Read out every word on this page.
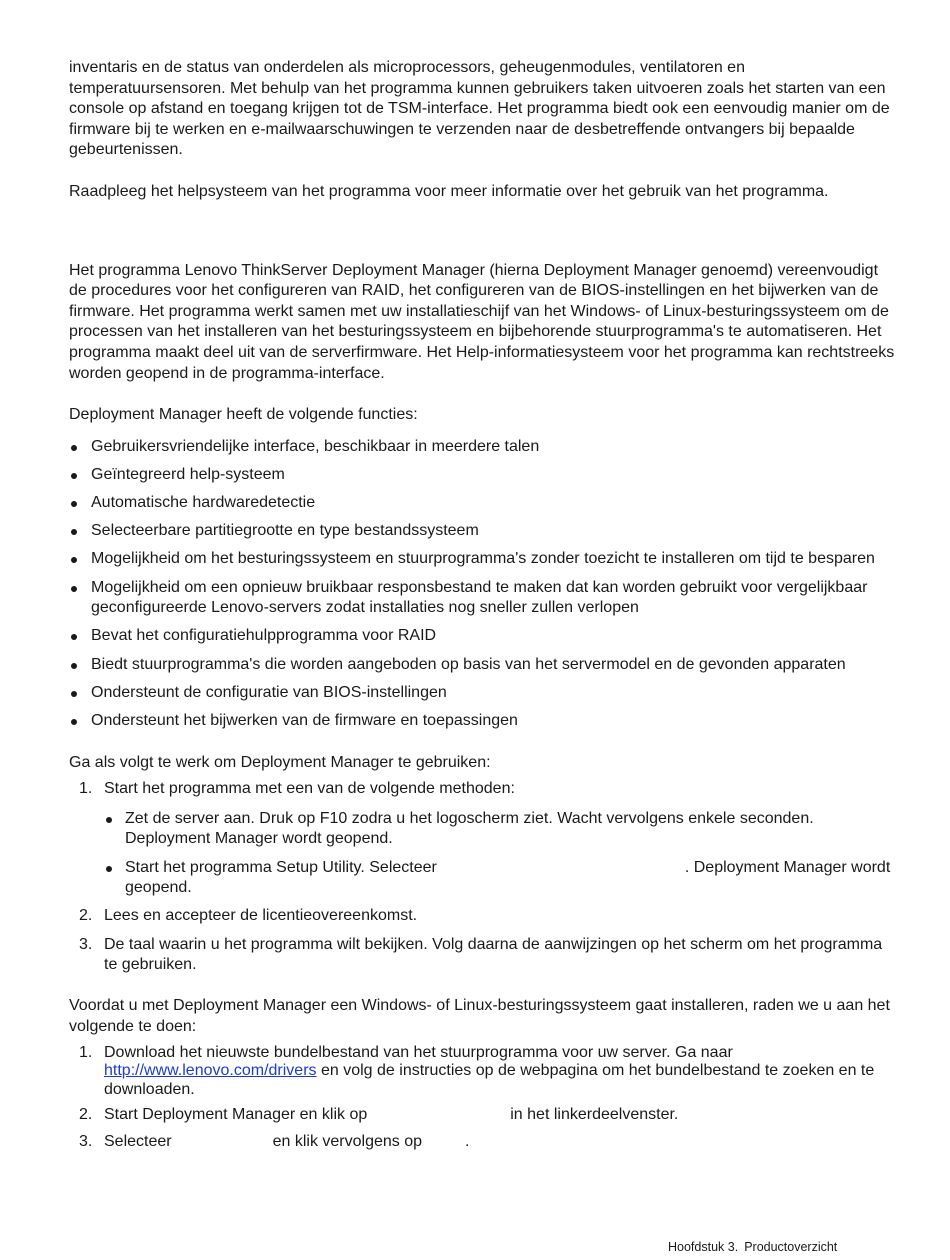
inventaris en de status van onderdelen als microprocessors, geheugenmodules, ventilatoren en temperatuursensoren. Met behulp van het programma kunnen gebruikers taken uitvoeren zoals het starten van een console op afstand en toegang krijgen tot de TSM-interface. Het programma biedt ook een eenvoudig manier om de firmware bij te werken en e-mailwaarschuwingen te verzenden naar de desbetreffende ontvangers bij bepaalde gebeurtenissen.

Raadpleeg het helpsysteem van het programma voor meer informatie over het gebruik van het programma.

Het programma Lenovo ThinkServer Deployment Manager (hierna Deployment Manager genoemd) vereenvoudigt de procedures voor het configureren van RAID, het configureren van de BIOS-instellingen en het bijwerken van de firmware. Het programma werkt samen met uw installatieschijf van het Windows- of Linux-besturingssysteem om de processen van het installeren van het besturingssysteem en bijbehorende stuurprogramma's te automatiseren. Het programma maakt deel uit van de serverfirmware. Het Help-informatiesysteem voor het programma kan rechtstreeks worden geopend in de programma-interface.

Deployment Manager heeft de volgende functies:

Gebruikersvriendelijke interface, beschikbaar in meerdere talen
Geïntegreerd help-systeem
Automatische hardwaredetectie
Selecteerbare partitiegrootte en type bestandssysteem
Mogelijkheid om het besturingssysteem en stuurprogramma's zonder toezicht te installeren om tijd te besparen
Mogelijkheid om een opnieuw bruikbaar responsbestand te maken dat kan worden gebruikt voor vergelijkbaar geconfigureerde Lenovo-servers zodat installaties nog sneller zullen verlopen
Bevat het configuratiehulpprogramma voor RAID
Biedt stuurprogramma's die worden aangeboden op basis van het servermodel en de gevonden apparaten
Ondersteunt de configuratie van BIOS-instellingen
Ondersteunt het bijwerken van de firmware en toepassingen

Ga als volgt te werk om Deployment Manager te gebruiken:

1. Start het programma met een van de volgende methoden:
Zet de server aan. Druk op F10 zodra u het logoscherm ziet. Wacht vervolgens enkele seconden. Deployment Manager wordt geopend.
Start het programma Setup Utility. Selecteer	. Deployment Manager wordt geopend.
2. Lees en accepteer de licentieovereenkomst.
3. De taal waarin u het programma wilt bekijken. Volg daarna de aanwijzingen op het scherm om het programma te gebruiken.

Voordat u met Deployment Manager een Windows- of Linux-besturingssysteem gaat installeren, raden we u aan het volgende te doen:

1. Download het nieuwste bundelbestand van het stuurprogramma voor uw server. Ga naar http://www.lenovo.com/drivers en volg de instructies op de webpagina om het bundelbestand te zoeken en te downloaden.
2. Start Deployment Manager en klik op	in het linkerdeelvenster.
3. Selecteer	en klik vervolgens op	.
Hoofdstuk 3. Productoverzicht
